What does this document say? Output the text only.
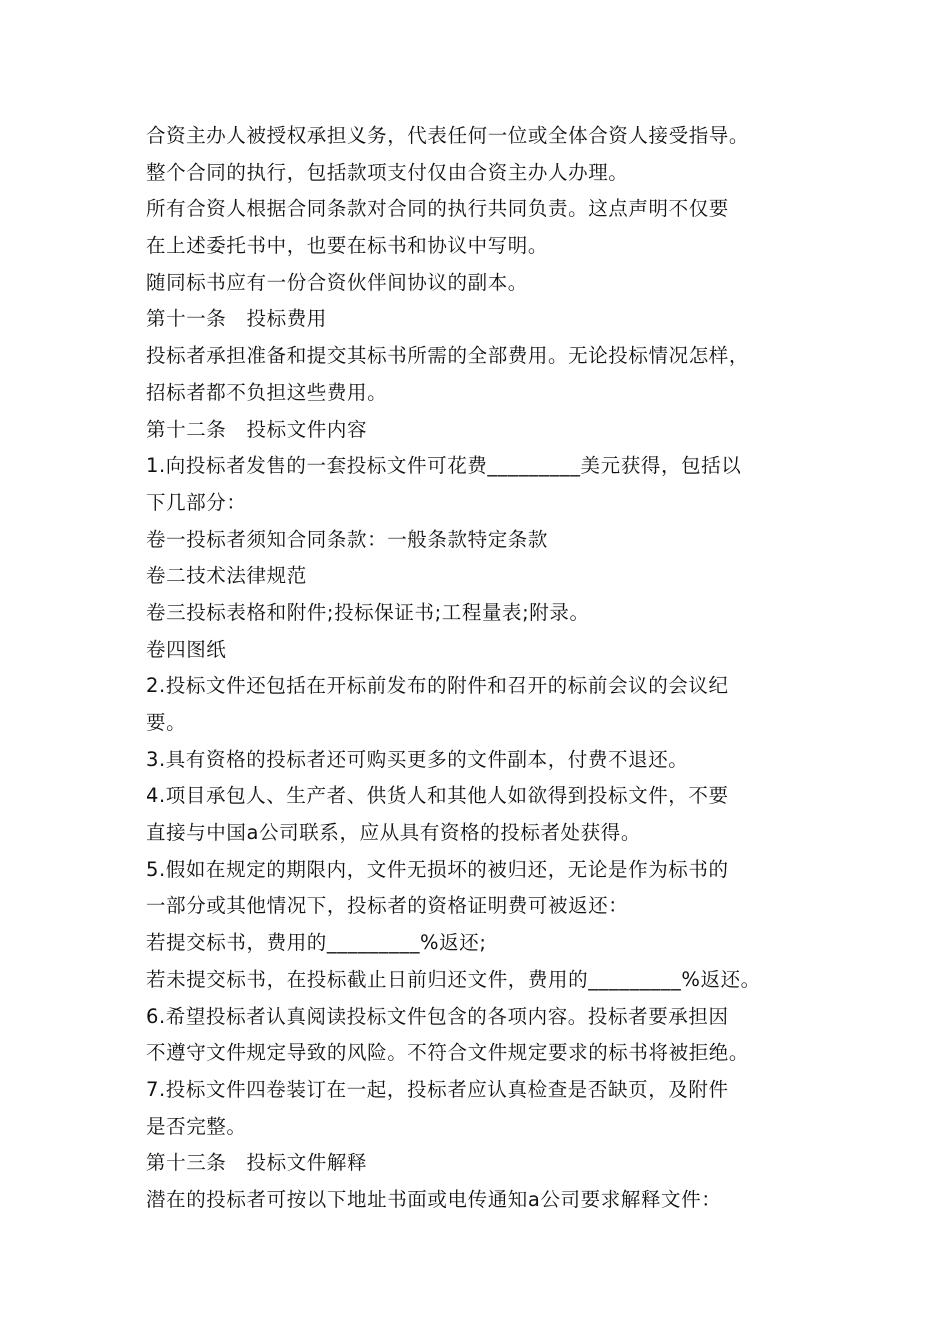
合资主办人被授权承担义务，代表任何一位或全体合资人接受指导。
整个合同的执行，包括款项支付仅由合资主办人办理。
所有合资人根据合同条款对合同的执行共同负责。这点声明不仅要
在上述委托书中，也要在标书和协议中写明。
随同标书应有一份合资伙伴间协议的副本。
第十一条　投标费用
投标者承担准备和提交其标书所需的全部费用。无论投标情况怎样，
招标者都不负担这些费用。
第十二条　投标文件内容
1.向投标者发售的一套投标文件可花费_________美元获得，包括以
下几部分：
卷一投标者须知合同条款：一般条款特定条款
卷二技术法律规范
卷三投标表格和附件;投标保证书;工程量表;附录。
卷四图纸
2.投标文件还包括在开标前发布的附件和召开的标前会议的会议纪
要。
3.具有资格的投标者还可购买更多的文件副本，付费不退还。
4.项目承包人、生产者、供货人和其他人如欲得到投标文件，不要
直接与中国a公司联系，应从具有资格的投标者处获得。
5.假如在规定的期限内，文件无损坏的被归还，无论是作为标书的
一部分或其他情况下，投标者的资格证明费可被返还：
若提交标书，费用的_________%返还;
若未提交标书，在投标截止日前归还文件，费用的_________%返还。
6.希望投标者认真阅读投标文件包含的各项内容。投标者要承担因
不遵守文件规定导致的风险。不符合文件规定要求的标书将被拒绝。
7.投标文件四卷装订在一起，投标者应认真检查是否缺页，及附件
是否完整。
第十三条　投标文件解释
潜在的投标者可按以下地址书面或电传通知a公司要求解释文件：
